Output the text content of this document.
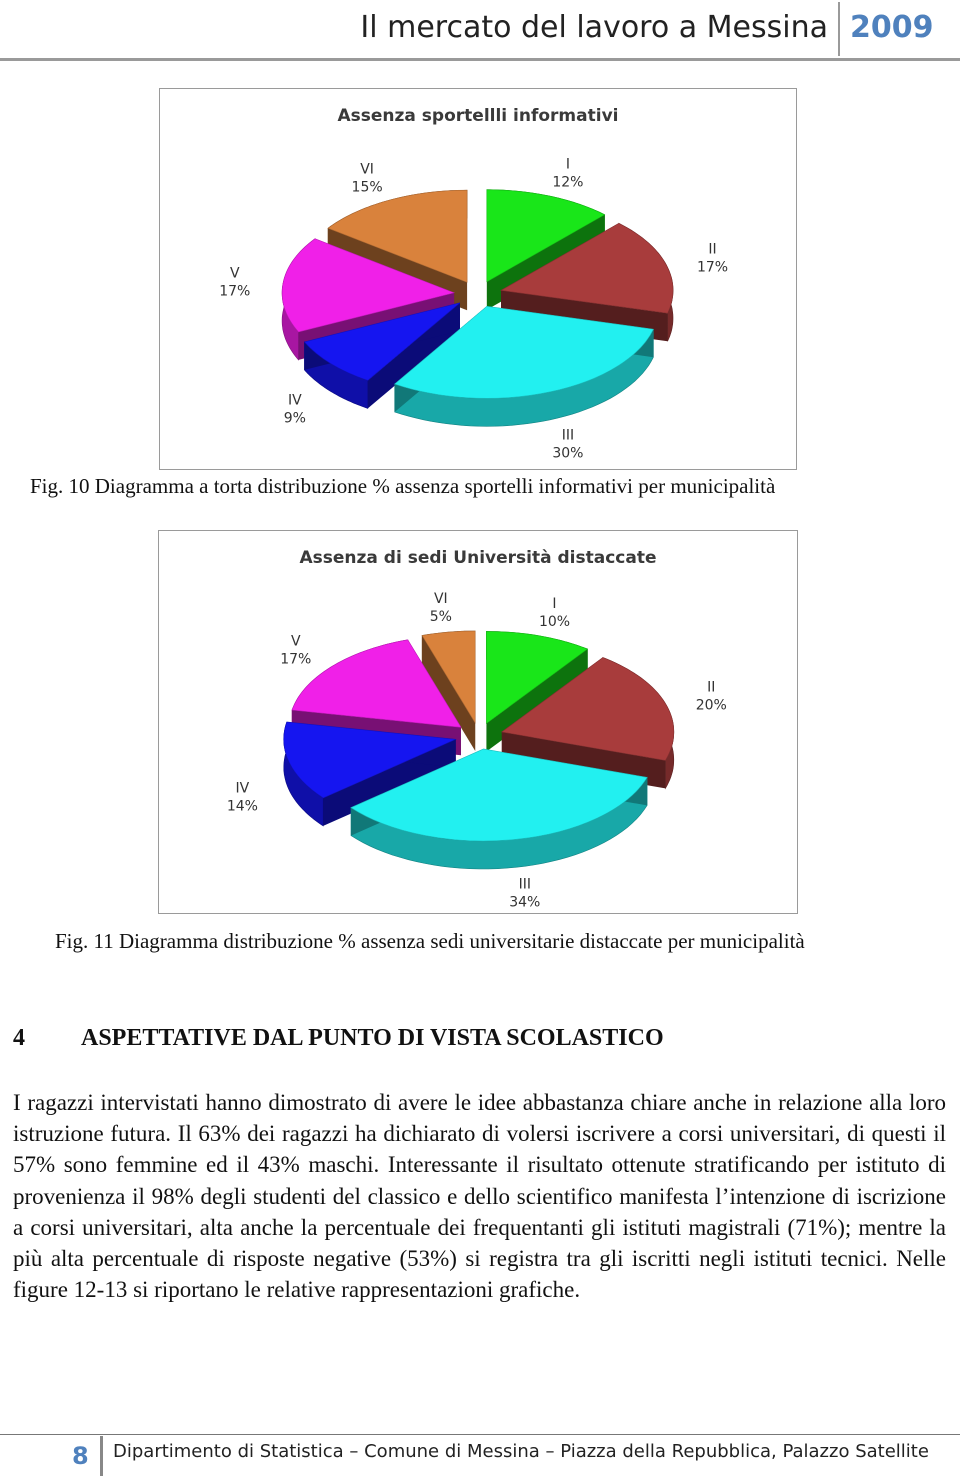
Il mercato del lavoro a Messina 2009
Assenza sportellli informativi
I
12%
VI
15%
II
17%
V
17%
IV
9%
III
30%
Fig. 10 Diagramma a torta distribuzione % assenza sportelli informativi per municipalità
Assenza di sedi Università distaccate
VI
5%
I
10%
V
17%
II
20%
IV
14%
III
34%
Fig. 11 Diagramma distribuzione % assenza sedi universitarie distaccate per municipalità
4 ASPETTATIVE DAL PUNTO DI VISTA SCOLASTICO
I ragazzi intervistati hanno dimostrato di avere le idee abbastanza chiare anche in relazione alla loro istruzione futura. Il 63% dei ragazzi ha dichiarato di volersi iscrivere a corsi universitari, di questi il 57% sono femmine ed il 43% maschi. Interessante il risultato ottenute stratificando per istituto di provenienza il 98% degli studenti del classico e dello scientifico manifesta l’intenzione di iscrizione a corsi universitari, alta anche la percentuale dei frequentanti gli istituti magistrali (71%); mentre la più alta percentuale di risposte negative (53%) si registra tra gli iscritti negli istituti tecnici. Nelle figure 12-13 si riportano le relative rappresentazioni grafiche.
8 Dipartimento di Statistica – Comune di Messina – Piazza della Repubblica, Palazzo Satellite
